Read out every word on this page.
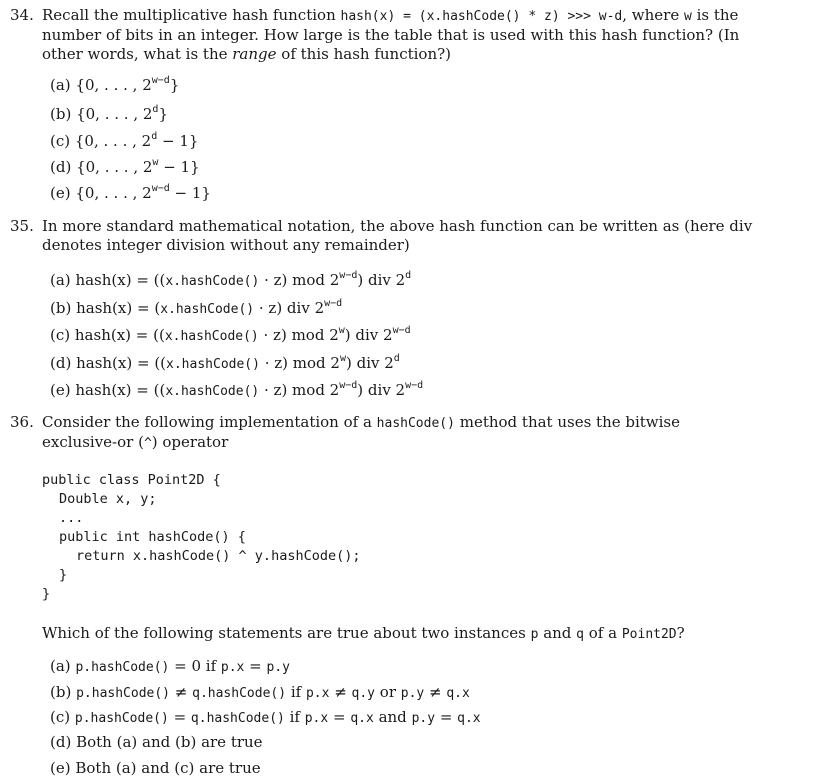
34. Recall the multiplicative hash function hash(x) = (x.hashCode() * z) >>> w-d, where w is the number of bits in an integer. How large is the table that is used with this hash function? (In other words, what is the range of this hash function?)
(a) {0, . . . , $2^{w-d}$}
(b) {0, . . . , 2$^d$}
(c) {0, . . . , $2^d - 1$}
(d) {0, . . . , $2^w - 1$}
(e) {0, . . . , $2^{w-d} - 1$}
35. In more standard mathematical notation, the above hash function can be written as (here div denotes integer division without any remainder)
(a) hash(x) = ((x.hashCode() · z) mod $2^{w-d}$) div 2$^d$
(b) hash(x) = (x.hashCode() · z) div $2^{w-d}$
(c) hash(x) = ((x.hashCode() · z) mod 2$^w$) div $2^{w-d}$
(d) hash(x) = ((x.hashCode() · z) mod 2$^w$) div 2$^d$
(e) hash(x) = ((x.hashCode() · z) mod $2^{w-d}$) div $2^{w-d}$
36. Consider the following implementation of a hashCode() method that uses the bitwise exclusive-or (^) operator
public class Point2D {
Double x, y;
...
public int hashCode() {
return x.hashCode() ^ y.hashCode();
}
}
Which of the following statements are true about two instances p and q of a Point2D?
(a) p.hashCode() = 0 if p.x = p.y
(b) p.hashCode() ≠ q.hashCode() if p.x ≠ q.y or p.y ≠ q.x
(c) p.hashCode() = q.hashCode() if p.x = q.x and p.y = q.x
(d) Both (a) and (b) are true
(e) Both (a) and (c) are true
